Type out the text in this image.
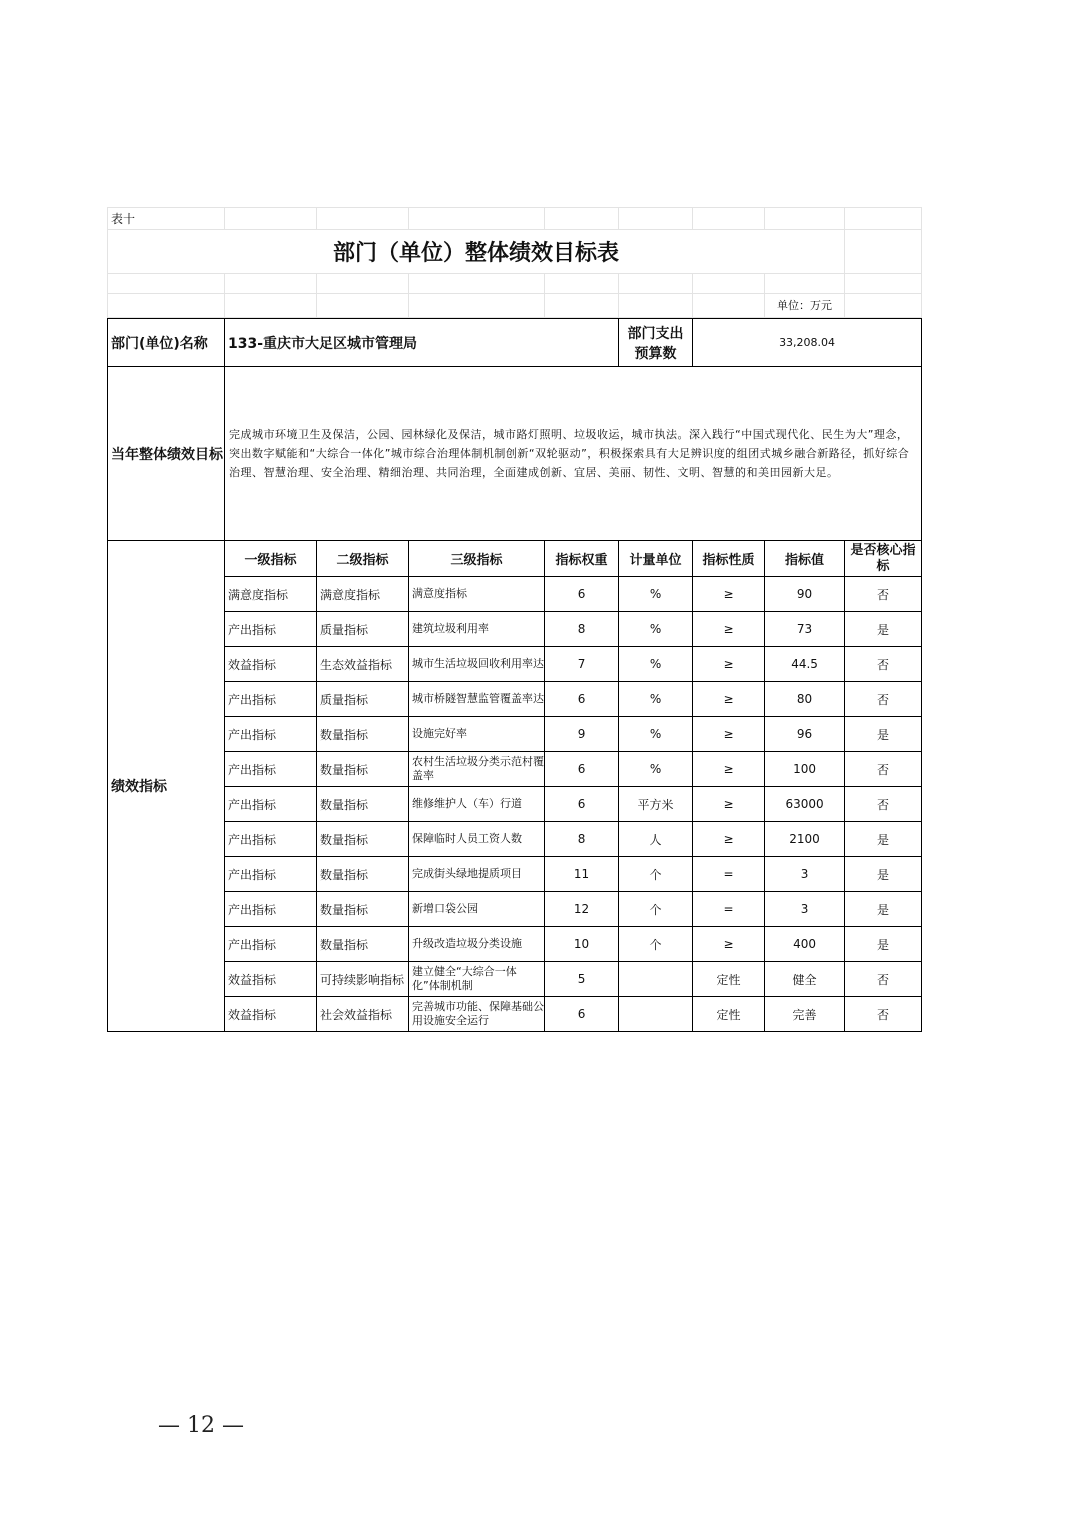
表十								
部门（单位）整体绩效目标表								

							单位：万元	
部门(单位)名称	133-重庆市大足区城市管理局				部门支出
预算数	33,208.04		
当年整体绩效目标	完成城市环境卫生及保洁，公园、园林绿化及保洁，城市路灯照明、垃圾收运，城市执法。深入践行“中国式现代化、民生为大”理念，突出数字赋能和“大综合一体化”城市综合治理体制机制创新“双轮驱动”，积极探索具有大足辨识度的组团式城乡融合新路径，抓好综合治理、智慧治理、安全治理、精细治理、共同治理，全面建成创新、宜居、美丽、韧性、文明、智慧的和美田园新大足。							
绩效指标	一级指标	二级指标	三级指标	指标权重	计量单位	指标性质	指标值	是否核心指标
	满意度指标	满意度指标	满意度指标	6	%	≥	90	否
	产出指标	质量指标	建筑垃圾利用率	8	%	≥	73	是
	效益指标	生态效益指标	城市生活垃圾回收利用率达	7	%	≥	44.5	否
	产出指标	质量指标	城市桥隧智慧监管覆盖率达	6	%	≥	80	否
	产出指标	数量指标	设施完好率	9	%	≥	96	是
	产出指标	数量指标	农村生活垃圾分类示范村覆盖率	6	%	≥	100	否
	产出指标	数量指标	维修维护人（车）行道	6	平方米	≥	63000	否
	产出指标	数量指标	保障临时人员工资人数	8	人	≥	2100	是
	产出指标	数量指标	完成街头绿地提质项目	11	个	=	3	是
	产出指标	数量指标	新增口袋公园	12	个	=	3	是
	产出指标	数量指标	升级改造垃圾分类设施	10	个	≥	400	是
	效益指标	可持续影响指标	建立健全“大综合一体化”体制机制	5		定性	健全	否
	效益指标	社会效益指标	完善城市功能、保障基础公用设施安全运行	6		定性	完善	否
— 12 —
